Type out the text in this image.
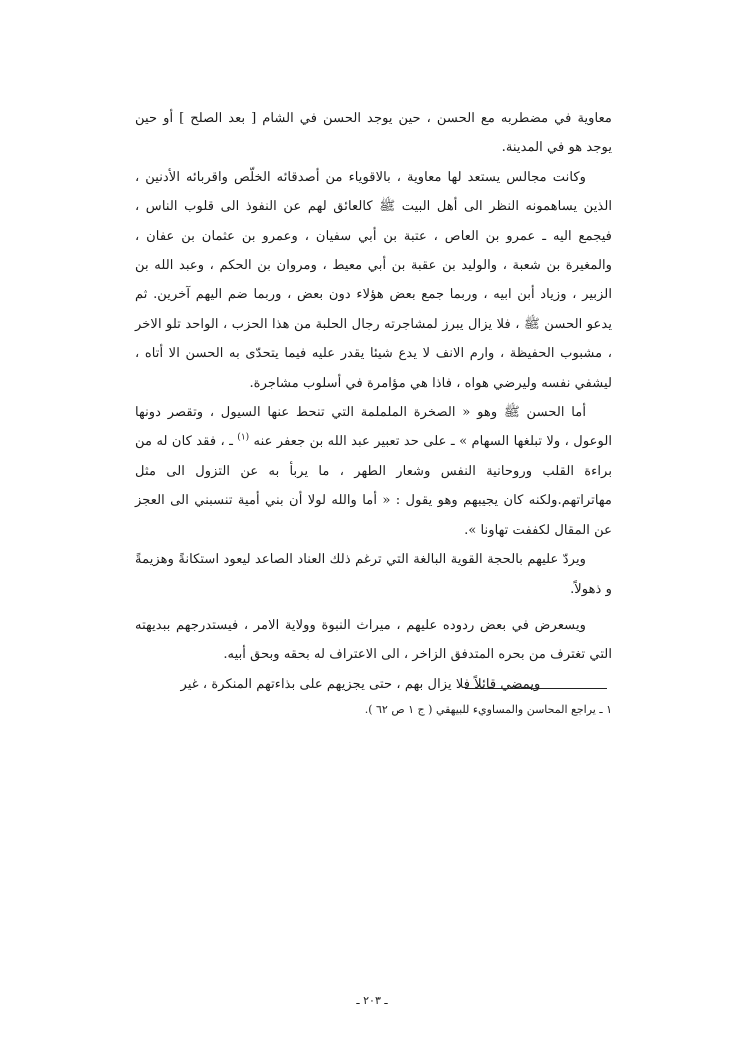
معاوية في مضطربه مع الحسن ، حين يوجد الحسن في الشام [ بعد الصلح ] أو حين يوجد هو في المدينة.

وكانت مجالس يستعد لها معاوية ، بالاقوياء من أصدقائه الخلّص واقربائه الأدنين ، الذين يساهمونه النظر الى أهل البيت ﷺ كالعائق لهم عن النفوذ الى قلوب الناس ، فيجمع اليه ـ عمرو بن العاص ، عتبة بن أبي سفيان ، وعمرو بن عثمان بن عفان ، والمغيرة بن شعبة ، والوليد بن عقبة بن أبي معيط ، ومروان بن الحكم ، وعبد الله بن الزبير ، وزياد أبن ابيه ، وربما جمع بعض هؤلاء دون بعض ، وربما ضم اليهم آخرين. ثم يدعو الحسن ﷺ ، فلا يزال يبرز لمشاجرته رجال الحلبة من هذا الحزب ، الواحد تلو الاخر ، مشبوب الحفيظة ، وارم الانف لا يدع شيئا يقدر عليه فيما يتحدّى به الحسن الا أتاه ، ليشفي نفسه وليرضي هواه ، فاذا هي مؤامرة في أسلوب مشاجرة.

أما الحسن ﷺ وهو « الصخرة الململمة التي تنحط عنها السيول ، وتقصر دونها الوعول ، ولا تبلغها السهام » ـ على حد تعبير عبد الله بن جعفر عنه $^{(١)}$ ـ ، فقد كان له من براءة القلب وروحانية النفس وشعار الطهر ، ما يربأ به عن التزول الى مثل مهاتراتهم.ولكنه كان يجيبهم وهو يقول : « أما والله لولا أن بني أمية تنسبني الى العجز عن المقال لكففت تهاونا ».

ويردّ عليهم بالحجة القوية البالغة التي ترغم ذلك العناد الصاعد ليعود استكانةً وهزيمةً و ذهولاً.

ويسعرض في بعض ردوده عليهم ، ميراث النبوة وولاية الامر ، فيستدرجهم ببديهته التي تغترف من بحره المتدفق الزاخر ، الى الاعتراف له بحقه وبحق أبيه.

ويمضي قائلاً فلا يزال بهم ، حتى يجزيهم على بذاءتهم المنكرة ، غير

١ ـ يراجع المحاسن والمساويء للبيهقي ( ج ١ ص ٦٢ ).
ـ ٢٠٣ ـ
